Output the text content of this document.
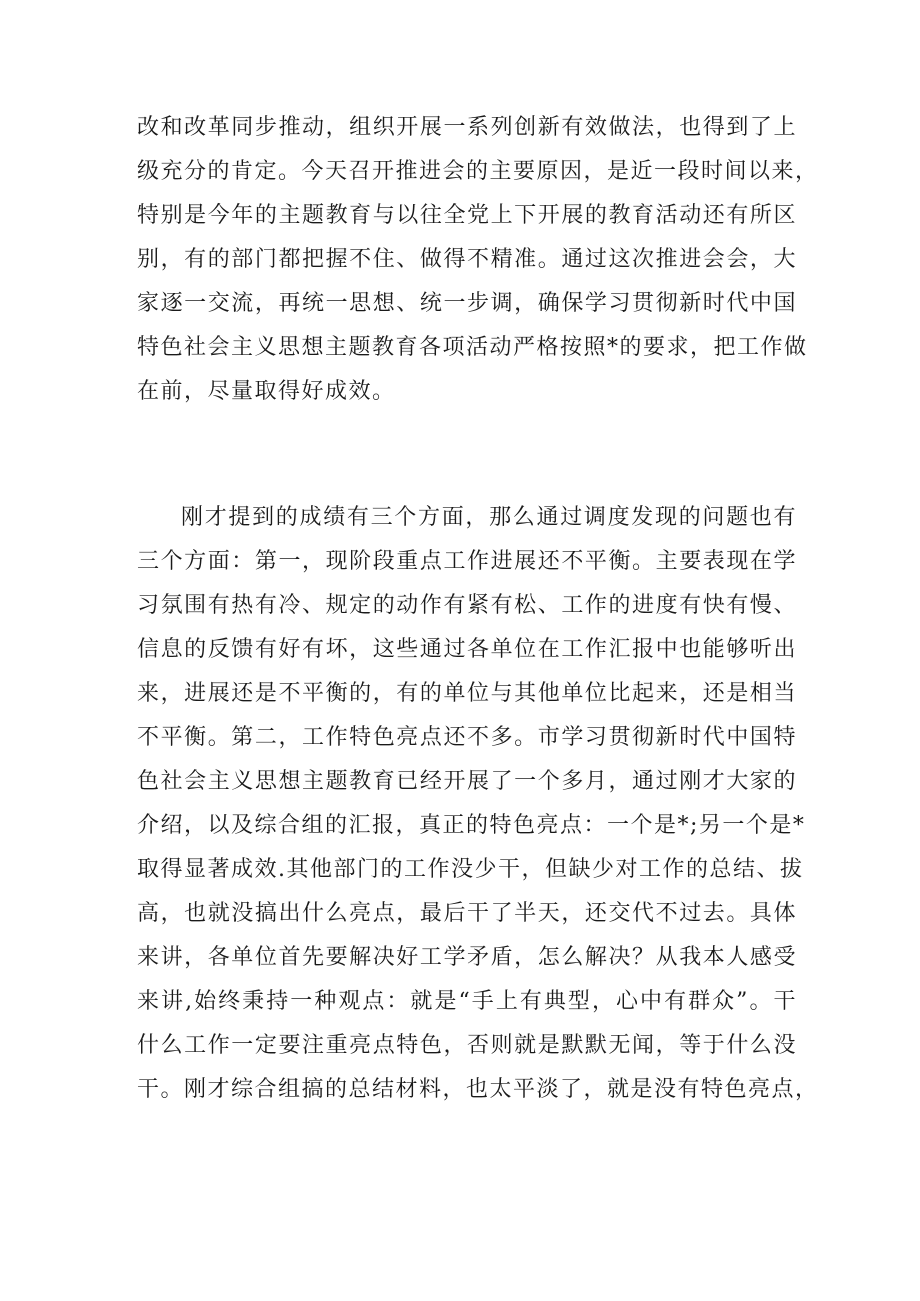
改和改革同步推动，组织开展一系列创新有效做法，也得到了上
级充分的肯定。今天召开推进会的主要原因，是近一段时间以来，
特别是今年的主题教育与以往全党上下开展的教育活动还有所区
别，有的部门都把握不住、做得不精准。通过这次推进会会，大
家逐一交流，再统一思想、统一步调，确保学习贯彻新时代中国
特色社会主义思想主题教育各项活动严格按照*的要求，把工作做
在前，尽量取得好成效。
刚才提到的成绩有三个方面，那么通过调度发现的问题也有
三个方面：第一，现阶段重点工作进展还不平衡。主要表现在学
习氛围有热有冷、规定的动作有紧有松、工作的进度有快有慢、
信息的反馈有好有坏，这些通过各单位在工作汇报中也能够听出
来，进展还是不平衡的，有的单位与其他单位比起来，还是相当
不平衡。第二，工作特色亮点还不多。市学习贯彻新时代中国特
色社会主义思想主题教育已经开展了一个多月，通过刚才大家的
介绍，以及综合组的汇报，真正的特色亮点：一个是*;另一个是*
取得显著成效.其他部门的工作没少干，但缺少对工作的总结、拔
高，也就没搞出什么亮点，最后干了半天，还交代不过去。具体
来讲，各单位首先要解决好工学矛盾，怎么解决？从我本人感受
来讲,始终秉持一种观点：就是“手上有典型，心中有群众”。干
什么工作一定要注重亮点特色，否则就是默默无闻，等于什么没
干。刚才综合组搞的总结材料，也太平淡了，就是没有特色亮点，
